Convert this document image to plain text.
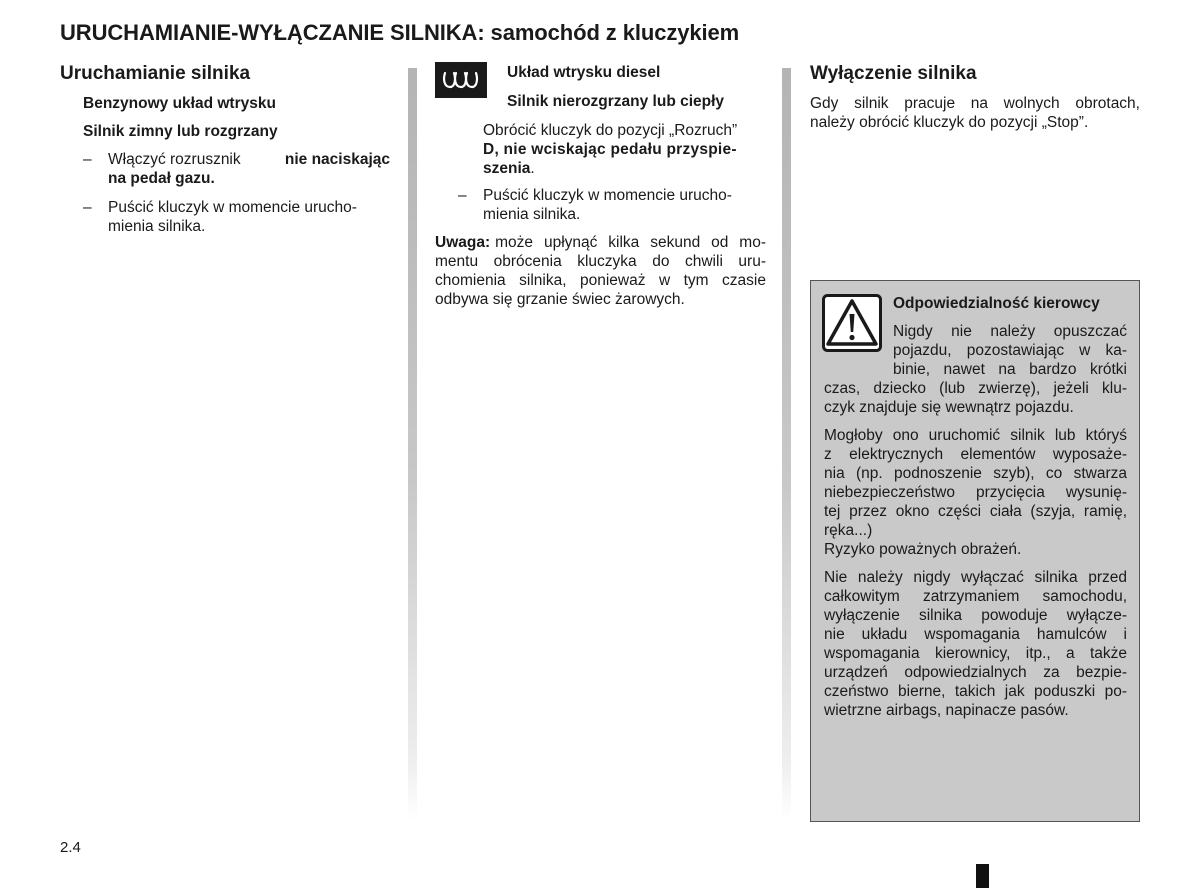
URUCHAMIANIE-WYŁĄCZANIE SILNIKA: samochód z kluczykiem
Uruchamianie silnika
Benzynowy układ wtrysku
Silnik zimny lub rozgrzany
– Włączyć rozrusznik	nie naciskając
na pedał gazu.
– Puścić kluczyk w momencie urucho-
mienia silnika.
Układ wtrysku diesel
Silnik nierozgrzany lub ciepły
Obrócić kluczyk do pozycji „Rozruch”
D, nie wciskając pedału przyspie-
szenia.
– Puścić kluczyk w momencie urucho-
mienia silnika.
Uwaga: może upłynąć kilka sekund od mo-
mentu obrócenia kluczyka do chwili uru-
chomienia silnika, ponieważ w tym czasie
odbywa się grzanie świec żarowych.
Wyłączenie silnika
Gdy silnik pracuje na wolnych obrotach,
należy obrócić kluczyk do pozycji „Stop”.
Odpowiedzialność kierowcy
Nigdy nie należy opuszczać
pojazdu, pozostawiając w ka-
binie, nawet na bardzo krótki
czas, dziecko (lub zwierzę), jeżeli klu-
czyk znajduje się wewnątrz pojazdu.
Mogłoby ono uruchomić silnik lub któryś
z elektrycznych elementów wyposaże-
nia (np. podnoszenie szyb), co stwarza
niebezpieczeństwo przycięcia wysunię-
tej przez okno części ciała (szyja, ramię,
ręka...)
Ryzyko poważnych obrażeń.
Nie należy nigdy wyłączać silnika przed
całkowitym zatrzymaniem samochodu,
wyłączenie silnika powoduje wyłącze-
nie układu wspomagania hamulców i
wspomagania kierownicy, itp., a także
urządzeń odpowiedzialnych za bezpie-
czeństwo bierne, takich jak poduszki po-
wietrzne airbags, napinacze pasów.
2.4
